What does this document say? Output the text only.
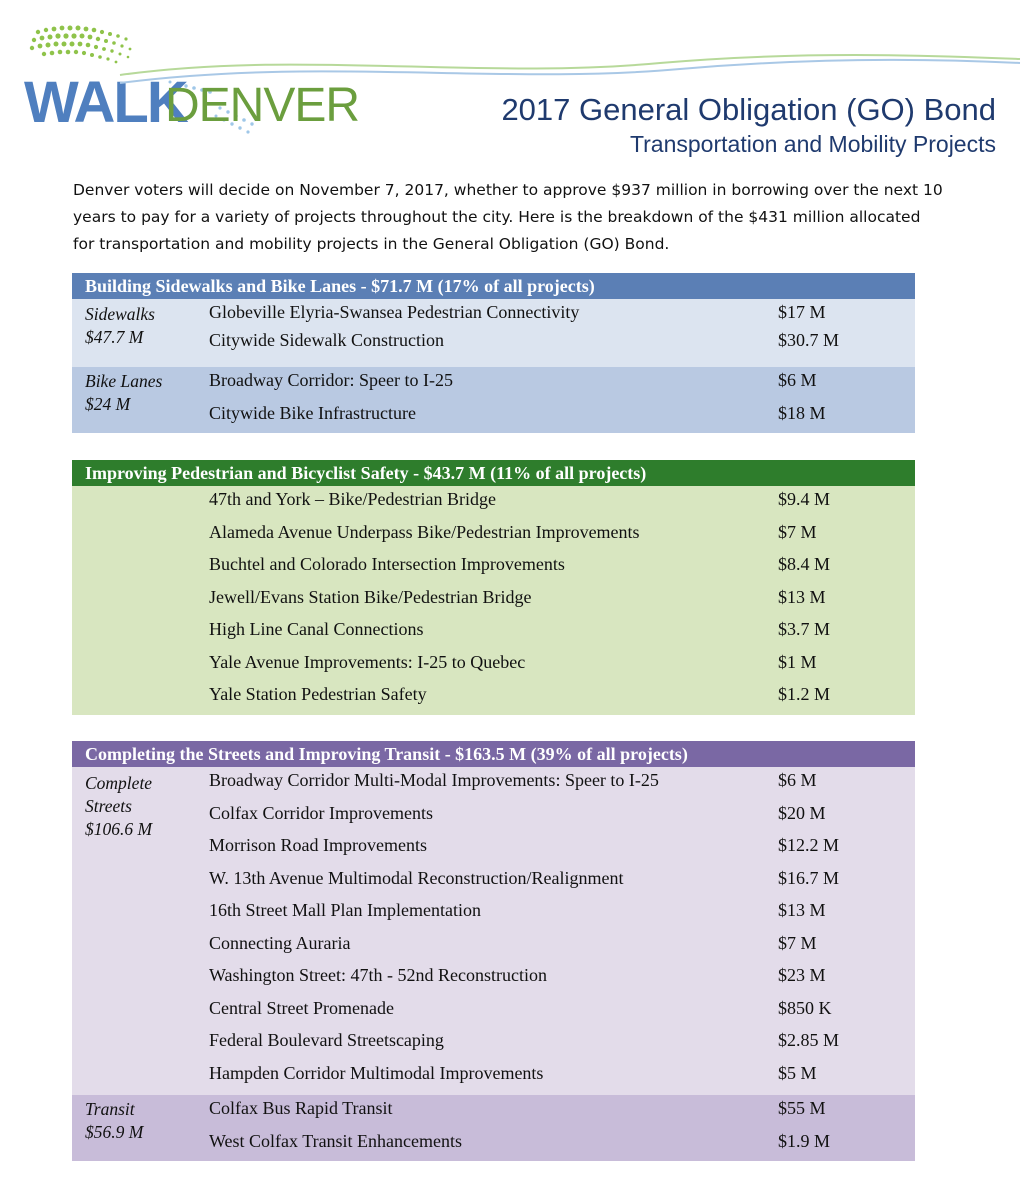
WALK
DENVER	2017 General Obligation (GO) Bond
Transportation and Mobility Projects
Denver voters will decide on November 7, 2017, whether to approve $937 million in borrowing over the next 10
years to pay for a variety of projects throughout the city. Here is the breakdown of the $431 million allocated
for transportation and mobility projects in the General Obligation (GO) Bond.
Building Sidewalks and Bike Lanes - $71.7 M (17% of all projects)
Sidewalks
$47.7 M
Globeville Elyria-Swansea Pedestrian Connectivity	$17 M
Citywide Sidewalk Construction	$30.7 M
Bike Lanes
$24 M
Broadway Corridor: Speer to I-25	$6 M
Citywide Bike Infrastructure	$18 M
Improving Pedestrian and Bicyclist Safety - $43.7 M (11% of all projects)
47th and York – Bike/Pedestrian Bridge	$9.4 M
Alameda Avenue Underpass Bike/Pedestrian Improvements	$7 M
Buchtel and Colorado Intersection Improvements	$8.4 M
Jewell/Evans Station Bike/Pedestrian Bridge	$13 M
High Line Canal Connections	$3.7 M
Yale Avenue Improvements: I-25 to Quebec	$1 M
Yale Station Pedestrian Safety	$1.2 M
Completing the Streets and Improving Transit - $163.5 M (39% of all projects)
Complete
Streets
$106.6 M
Broadway Corridor Multi-Modal Improvements: Speer to I-25	$6 M
Colfax Corridor Improvements	$20 M
Morrison Road Improvements	$12.2 M
W. 13th Avenue Multimodal Reconstruction/Realignment	$16.7 M
16th Street Mall Plan Implementation	$13 M
Connecting Auraria	$7 M
Washington Street: 47th - 52nd Reconstruction	$23 M
Central Street Promenade	$850 K
Federal Boulevard Streetscaping	$2.85 M
Hampden Corridor Multimodal Improvements	$5 M
Transit
$56.9 M
Colfax Bus Rapid Transit	$55 M
West Colfax Transit Enhancements	$1.9 M
